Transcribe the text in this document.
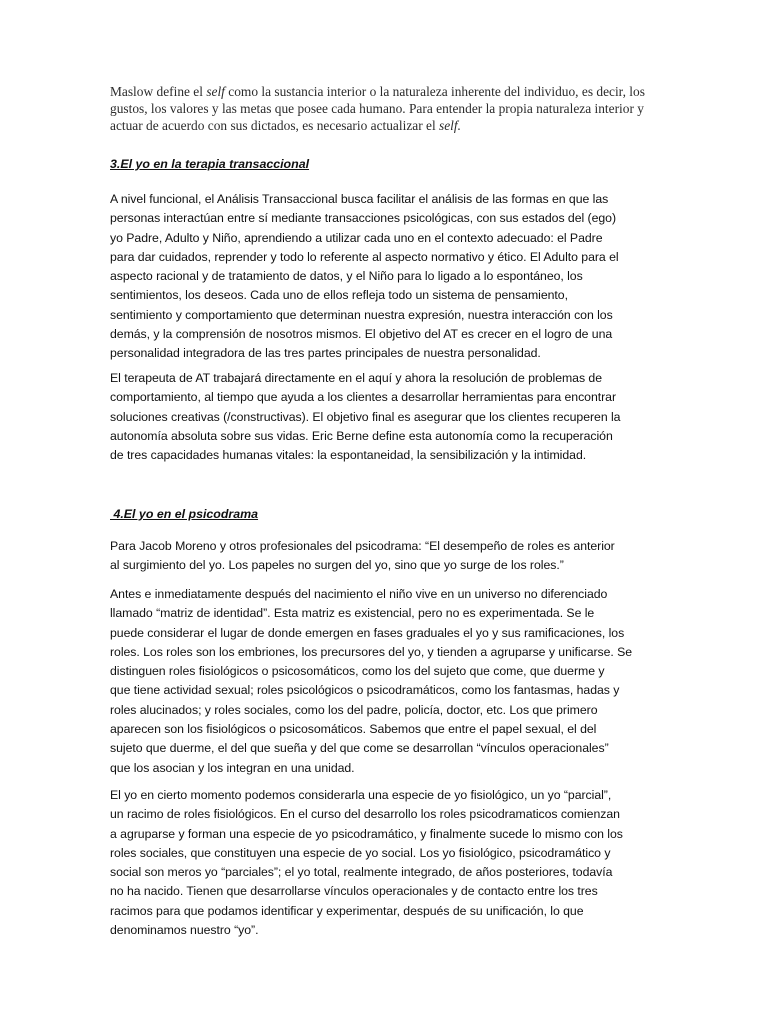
Maslow define el self como la sustancia interior o la naturaleza inherente del individuo, es decir, los
gustos, los valores y las metas que posee cada humano. Para entender la propia naturaleza interior y
actuar de acuerdo con sus dictados, es necesario actualizar el self.

3.El yo en la terapia transaccional

A nivel funcional, el Análisis Transaccional busca facilitar el análisis de las formas en que las
personas interactúan entre sí mediante transacciones psicológicas, con sus estados del (ego)
yo Padre, Adulto y Niño, aprendiendo a utilizar cada uno en el contexto adecuado: el Padre
para dar cuidados, reprender y todo lo referente al aspecto normativo y ético. El Adulto para el
aspecto racional y de tratamiento de datos, y el Niño para lo ligado a lo espontáneo, los
sentimientos, los deseos. Cada uno de ellos refleja todo un sistema de pensamiento,
sentimiento y comportamiento que determinan nuestra expresión, nuestra interacción con los
demás, y la comprensión de nosotros mismos. El objetivo del AT es crecer en el logro de una
personalidad integradora de las tres partes principales de nuestra personalidad.

El terapeuta de AT trabajará directamente en el aquí y ahora la resolución de problemas de
comportamiento, al tiempo que ayuda a los clientes a desarrollar herramientas para encontrar
soluciones creativas (/constructivas). El objetivo final es asegurar que los clientes recuperen la
autonomía absoluta sobre sus vidas. Eric Berne define esta autonomía como la recuperación
de tres capacidades humanas vitales: la espontaneidad, la sensibilización y la intimidad.

4.El yo en el psicodrama

Para Jacob Moreno y otros profesionales del psicodrama: “El desempeño de roles es anterior
al surgimiento del yo. Los papeles no surgen del yo, sino que yo surge de los roles.”

Antes e inmediatamente después del nacimiento el niño vive en un universo no diferenciado
llamado “matriz de identidad”. Esta matriz es existencial, pero no es experimentada. Se le
puede considerar el lugar de donde emergen en fases graduales el yo y sus ramificaciones, los
roles. Los roles son los embriones, los precursores del yo, y tienden a agruparse y unificarse. Se
distinguen roles fisiológicos o psicosomáticos, como los del sujeto que come, que duerme y
que tiene actividad sexual; roles psicológicos o psicodramáticos, como los fantasmas, hadas y
roles alucinados; y roles sociales, como los del padre, policía, doctor, etc. Los que primero
aparecen son los fisiológicos o psicosomáticos. Sabemos que entre el papel sexual, el del
sujeto que duerme, el del que sueña y del que come se desarrollan “vínculos operacionales”
que los asocian y los integran en una unidad.

El yo en cierto momento podemos considerarla una especie de yo fisiológico, un yo “parcial”,
un racimo de roles fisiológicos. En el curso del desarrollo los roles psicodramaticos comienzan
a agruparse y forman una especie de yo psicodramático, y finalmente sucede lo mismo con los
roles sociales, que constituyen una especie de yo social. Los yo fisiológico, psicodramático y
social son meros yo “parciales”; el yo total, realmente integrado, de años posteriores, todavía
no ha nacido. Tienen que desarrollarse vínculos operacionales y de contacto entre los tres
racimos para que podamos identificar y experimentar, después de su unificación, lo que
denominamos nuestro “yo”.
